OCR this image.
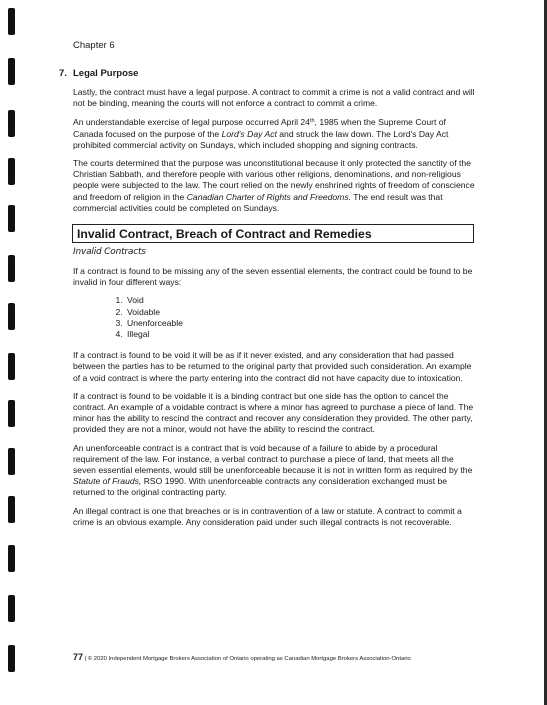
Chapter 6
7. Legal Purpose

Lastly, the contract must have a legal purpose. A contract to commit a crime is not a valid contract and will not be binding, meaning the courts will not enforce a contract to commit a crime.

An understandable exercise of legal purpose occurred April 24th, 1985 when the Supreme Court of Canada focused on the purpose of the Lord's Day Act and struck the law down. The Lord's Day Act prohibited commercial activity on Sundays, which included shopping and signing contracts.

The courts determined that the purpose was unconstitutional because it only protected the sanctity of the Christian Sabbath, and therefore people with various other religions, denominations, and non-religious people were subjected to the law. The court relied on the newly enshrined rights of freedom of conscience and freedom of religion in the Canadian Charter of Rights and Freedoms. The end result was that commercial activities could be completed on Sundays.

Invalid Contract, Breach of Contract and Remedies
Invalid Contracts

If a contract is found to be missing any of the seven essential elements, the contract could be found to be invalid in four different ways:

1. Void
2. Voidable
3. Unenforceable
4. Illegal

If a contract is found to be void it will be as if it never existed, and any consideration that had passed between the parties has to be returned to the original party that provided such consideration. An example of a void contract is where the party entering into the contract did not have capacity due to intoxication.

If a contract is found to be voidable it is a binding contract but one side has the option to cancel the contract. An example of a voidable contract is where a minor has agreed to purchase a piece of land. The minor has the ability to rescind the contract and recover any consideration they provided. The other party, provided they are not a minor, would not have the ability to rescind the contract.

An unenforceable contract is a contract that is void because of a failure to abide by a procedural requirement of the law. For instance, a verbal contract to purchase a piece of land, that meets all the seven essential elements, would still be unenforceable because it is not in written form as required by the Statute of Frauds, RSO 1990. With unenforceable contracts any consideration exchanged must be returned to the original contracting party.

An illegal contract is one that breaches or is in contravention of a law or statute. A contract to commit a crime is an obvious example. Any consideration paid under such illegal contracts is not recoverable.

77 | © 2020 Independent Mortgage Brokers Association of Ontario operating as Canadian Mortgage Brokers Association-Ontario
